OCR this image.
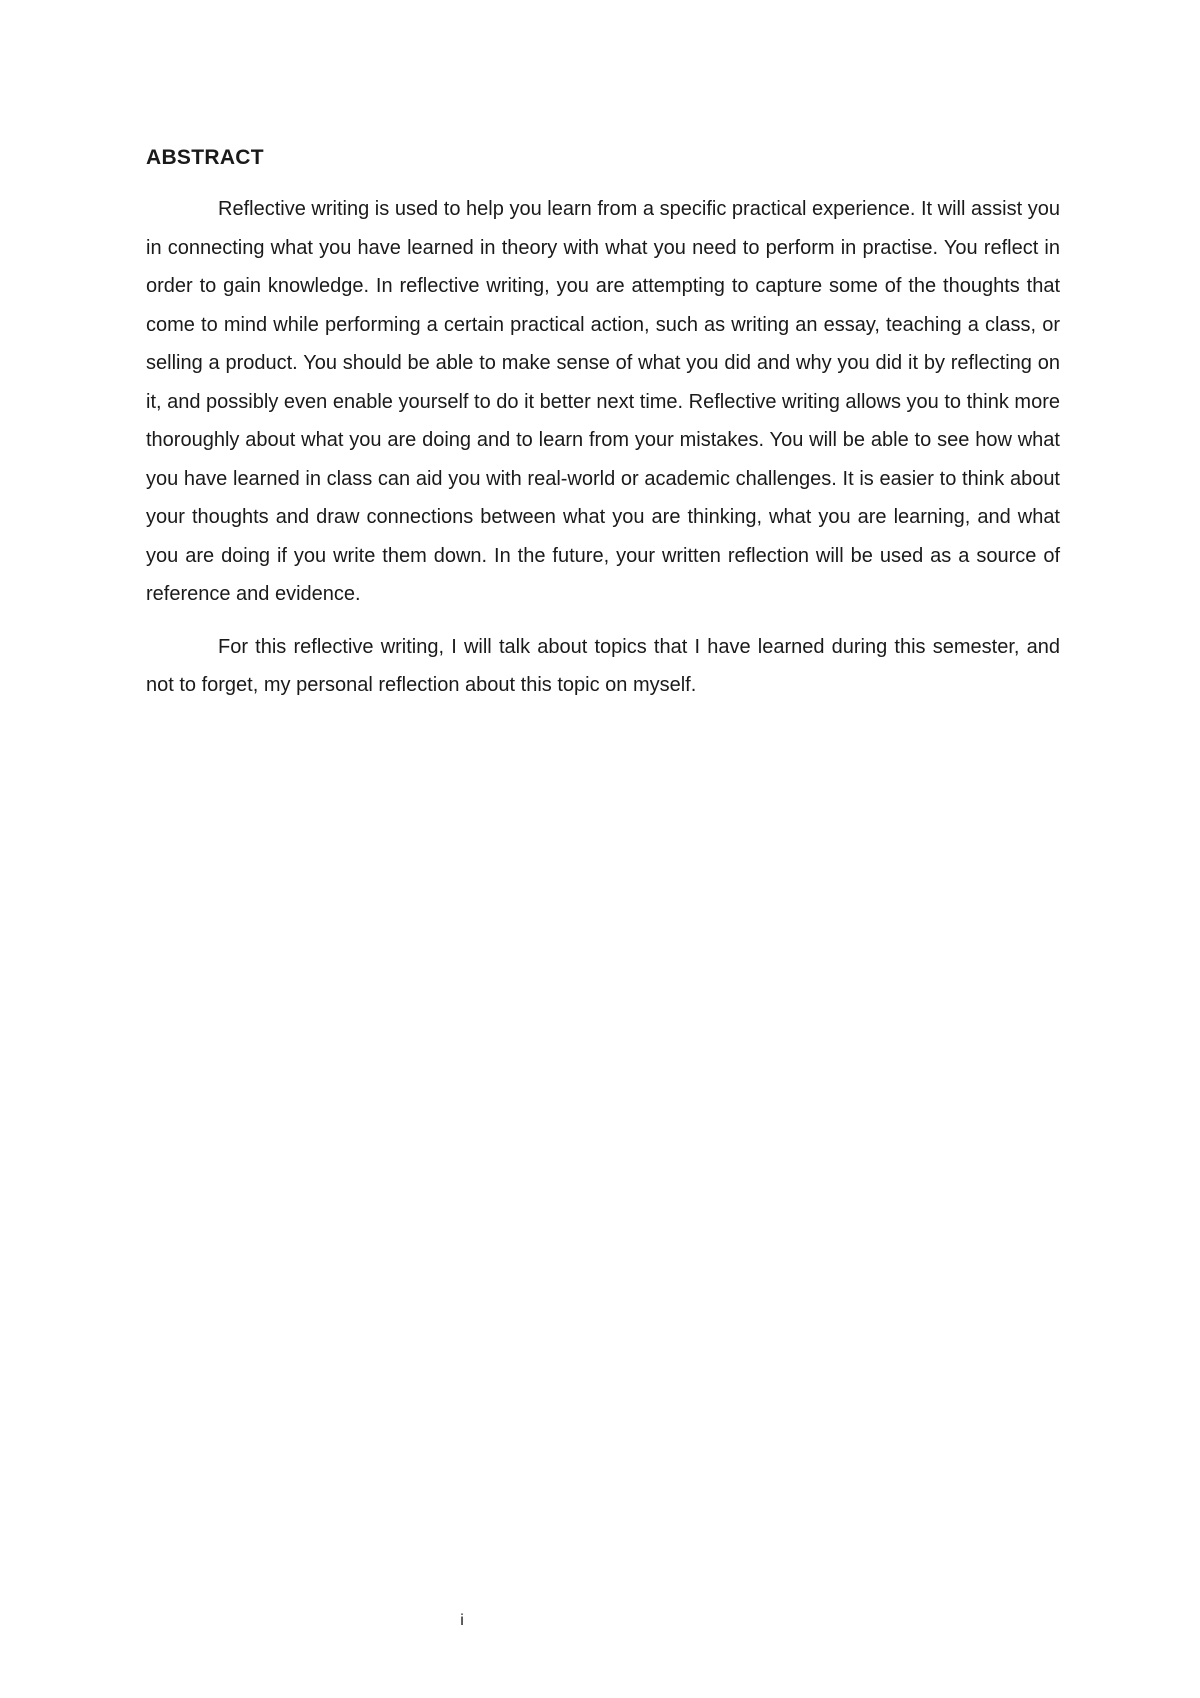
ABSTRACT

Reflective writing is used to help you learn from a specific practical experience. It will assist you in connecting what you have learned in theory with what you need to perform in practise. You reflect in order to gain knowledge. In reflective writing, you are attempting to capture some of the thoughts that come to mind while performing a certain practical action, such as writing an essay, teaching a class, or selling a product. You should be able to make sense of what you did and why you did it by reflecting on it, and possibly even enable yourself to do it better next time. Reflective writing allows you to think more thoroughly about what you are doing and to learn from your mistakes. You will be able to see how what you have learned in class can aid you with real-world or academic challenges. It is easier to think about your thoughts and draw connections between what you are thinking, what you are learning, and what you are doing if you write them down. In the future, your written reflection will be used as a source of reference and evidence.

For this reflective writing, I will talk about topics that I have learned during this semester, and not to forget, my personal reflection about this topic on myself.

i
